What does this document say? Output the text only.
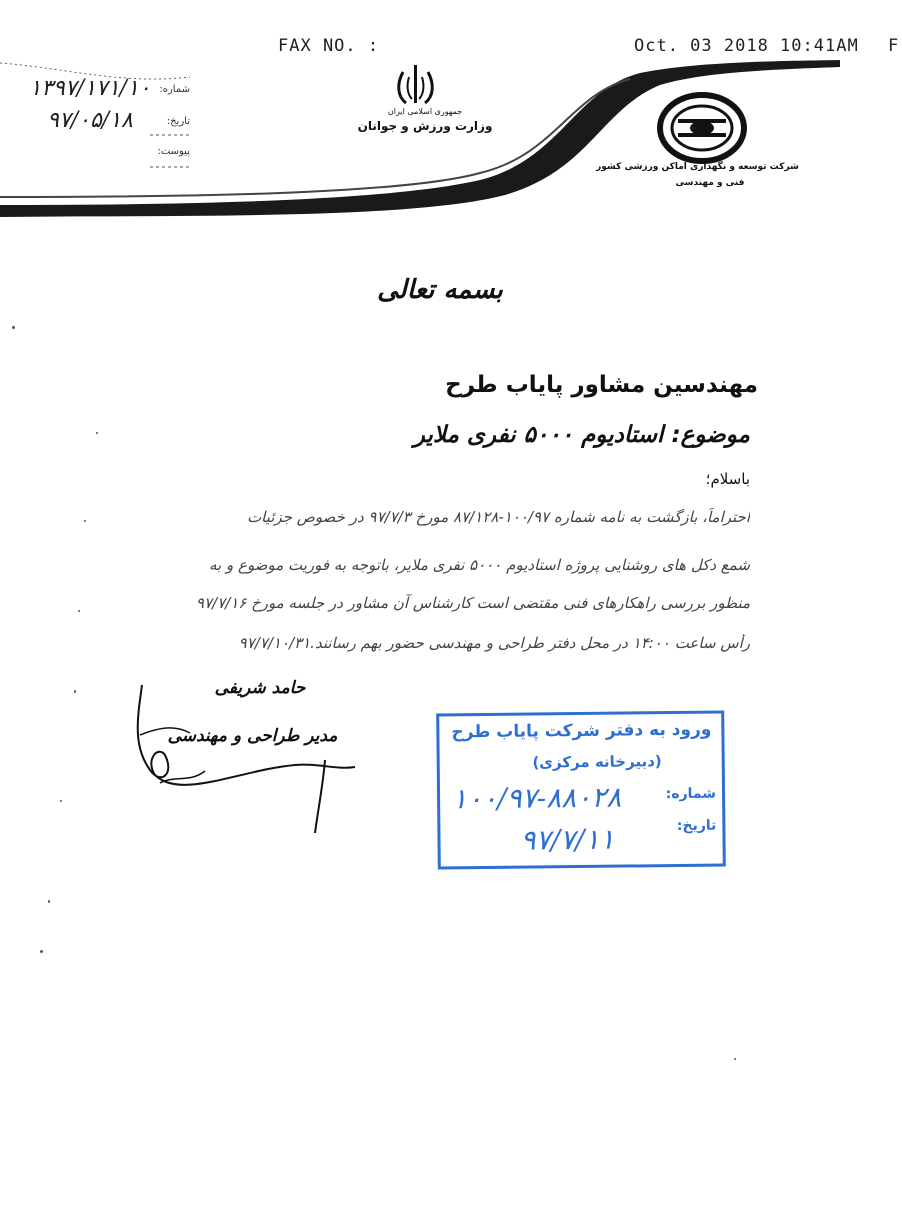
FAX NO. :	Oct. 03 2018 10:41AM F
جمهوری اسلامی ایران
وزارت ورزش و جوانان
شرکت توسعه و نگهداری اماکن ورزشی کشور
فنی و مهندسی
شماره:
۱۳۹۷/۱۷۱/۱۰
تاریخ:
۹۷/۰۵/۱۸
پیوست:
بسمه تعالی
مهندسین مشاور پایاب طرح
موضوع: استادیوم ۵۰۰۰ نفری ملایر
باسلام؛
احتراماً، بازگشت به نامه شماره ۱۰۰/۹۷-۸۷/۱۲۸ مورخ ۹۷/۷/۳ در خصوص جزئیات
شمع دکل های روشنایی پروژه استادیوم ۵۰۰۰ نفری ملایر، باتوجه به فوریت موضوع و به
منظور بررسی راهکارهای فنی مقتضی است کارشناس آن مشاور در جلسه مورخ ۹۷/۷/۱۶
رأس ساعت ۱۴:۰۰ در محل دفتر طراحی و مهندسی حضور بهم رسانند.۹۷/۷/۱۰/۳۱
حامد شریفی
مدیر طراحی و مهندسی	ورود به دفتر شرکت پایاب طرح
(دبیرخانه مرکزی)
شماره:
۱۰۰/۹۷-۸۸۰۲۸
تاریخ:
۹۷/۷/۱۱
